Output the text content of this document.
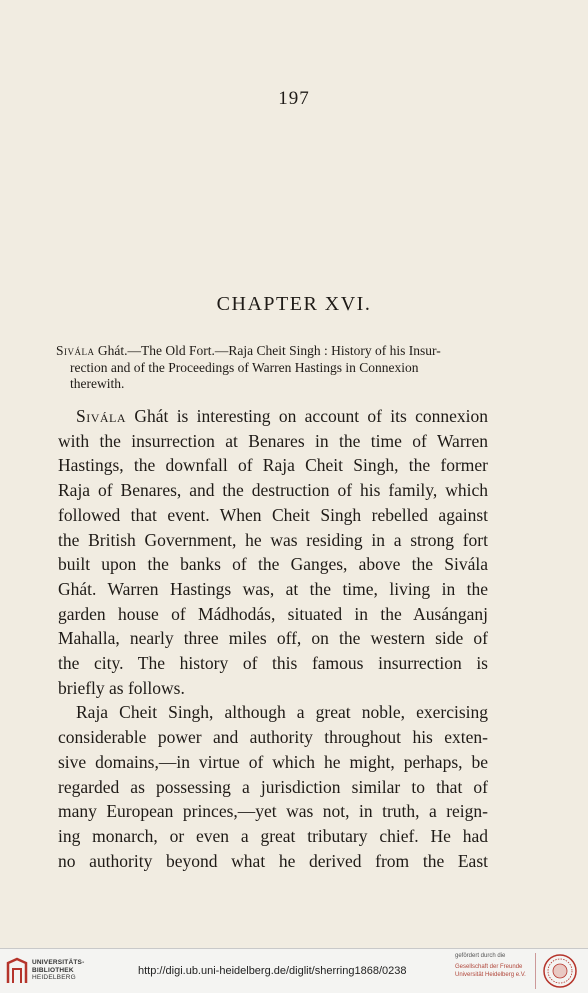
197
CHAPTER XVI.
Sivála Ghát.—The Old Fort.—Raja Cheit Singh : History of his Insur-
rection and of the Proceedings of Warren Hastings in Connexion
therewith.
Sivála Ghát is interesting on account of its connexion
with the insurrection at Benares in the time of Warren
Hastings, the downfall of Raja Cheit Singh, the former
Raja of Benares, and the destruction of his family, which
followed that event. When Cheit Singh rebelled against
the British Government, he was residing in a strong fort
built upon the banks of the Ganges, above the Sivála
Ghát. Warren Hastings was, at the time, living in the
garden house of Mádhodás, situated in the Ausánganj
Mahalla, nearly three miles off, on the western side of
the city. The history of this famous insurrection is
briefly as follows.
Raja Cheit Singh, although a great noble, exercising
considerable power and authority throughout his exten-
sive domains,—in virtue of which he might, perhaps, be
regarded as possessing a jurisdiction similar to that of
many European princes,—yet was not, in truth, a reign-
ing monarch, or even a great tributary chief. He had
no authority beyond what he derived from the East
UNIVERSITÄTS-
BIBLIOTHEK
HEIDELBERG
http://digi.ub.uni-heidelberg.de/diglit/sherring1868/0238
gefördert durch die
Gesellschaft der Freunde
Universität Heidelberg e.V.
